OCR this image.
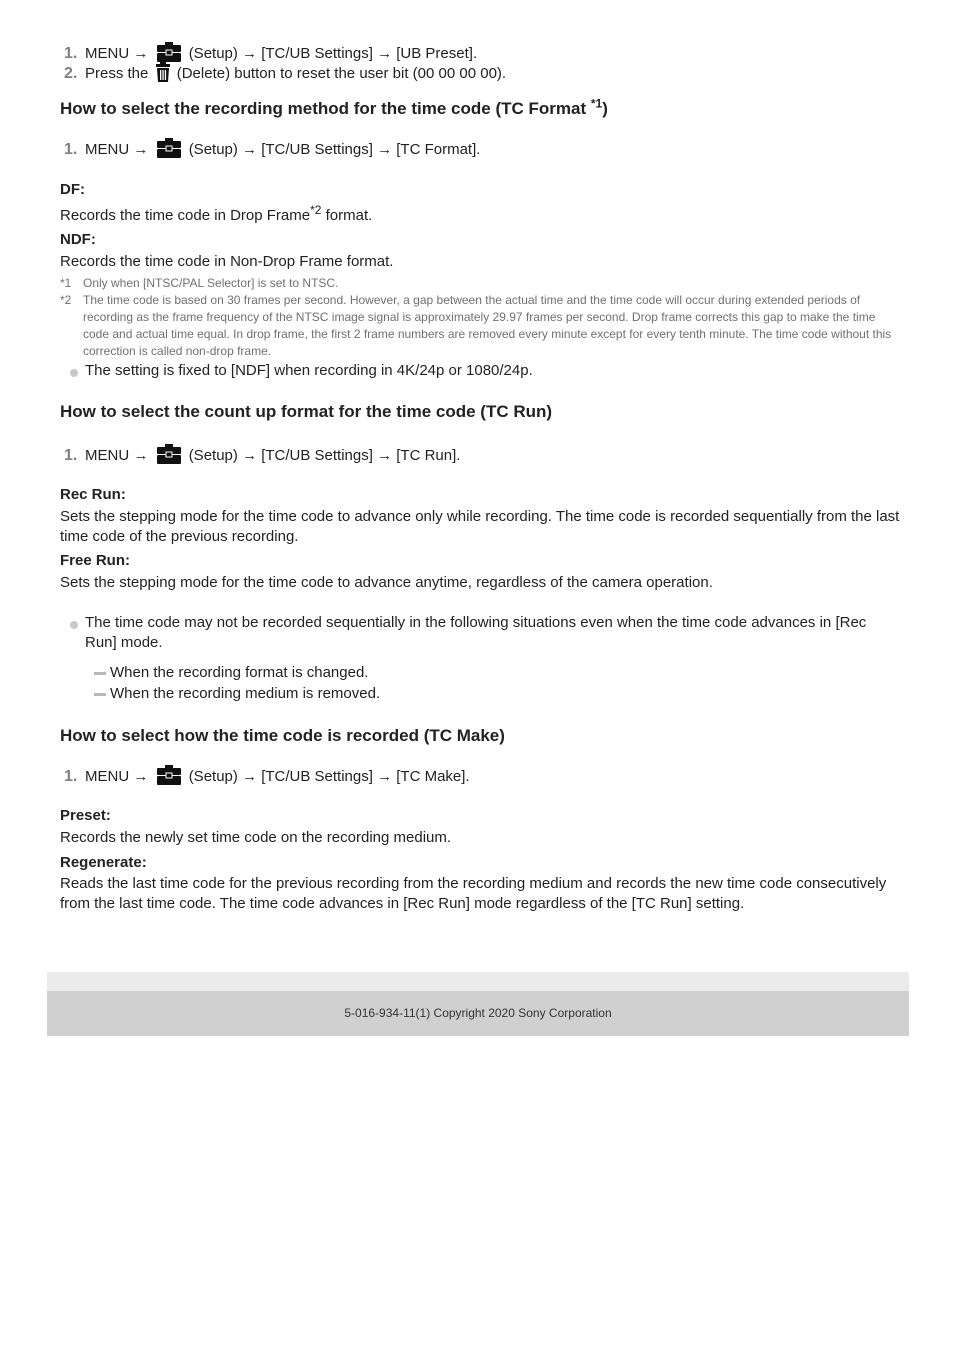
1. MENU →	(Setup) → [TC/UB Settings] → [UB Preset].
2. Press the (Delete) button to reset the user bit (00 00 00 00).
How to select the recording method for the time code (TC Format $^{*1}$)
1. MENU →	(Setup) → [TC/UB Settings] → [TC Format].
DF:
Records the time code in Drop Frame$^{*2}$ format.
NDF:
Records the time code in Non-Drop Frame format.
*1 Only when [NTSC/PAL Selector] is set to NTSC.
*2 The time code is based on 30 frames per second. However, a gap between the actual time and the time code will occur during extended periods of recording as the frame frequency of the NTSC image signal is approximately 29.97 frames per second. Drop frame corrects this gap to make the time code and actual time equal. In drop frame, the first 2 frame numbers are removed every minute except for every tenth minute. The time code without this correction is called non-drop frame.
The setting is fixed to [NDF] when recording in 4K/24p or 1080/24p.
How to select the count up format for the time code (TC Run)
1. MENU →	(Setup) → [TC/UB Settings] → [TC Run].
Rec Run:
Sets the stepping mode for the time code to advance only while recording. The time code is recorded sequentially from the last time code of the previous recording.
Free Run:
Sets the stepping mode for the time code to advance anytime, regardless of the camera operation.
The time code may not be recorded sequentially in the following situations even when the time code advances in [Rec Run] mode.
When the recording format is changed.
When the recording medium is removed.
How to select how the time code is recorded (TC Make)
1. MENU →	(Setup) → [TC/UB Settings] → [TC Make].
Preset:
Records the newly set time code on the recording medium.
Regenerate:
Reads the last time code for the previous recording from the recording medium and records the new time code consecutively from the last time code. The time code advances in [Rec Run] mode regardless of the [TC Run] setting.
5-016-934-11(1) Copyright 2020 Sony Corporation
